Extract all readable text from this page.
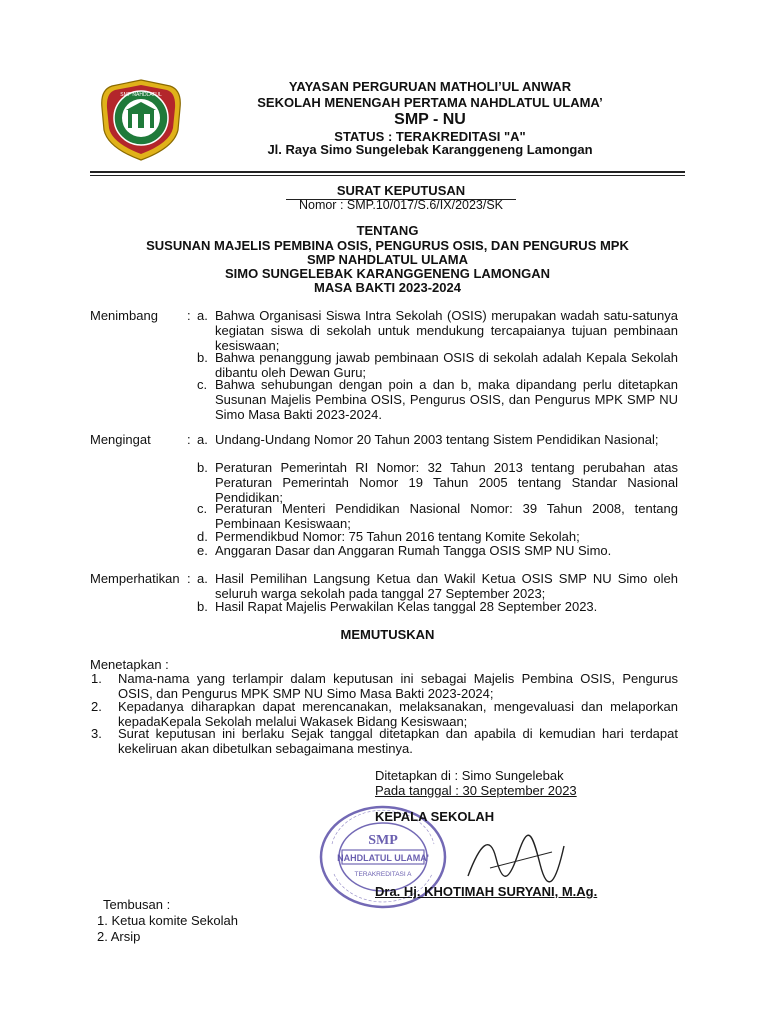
SMP NAHDLATUL
YAYASAN PERGURUAN MATHOLI’UL ANWAR
SEKOLAH MENENGAH PERTAMA NAHDLATUL ULAMA’
SMP - NU
STATUS : TERAKREDITASI "A"
Jl. Raya Simo Sungelebak Karanggeneng Lamongan
SURAT KEPUTUSAN
Nomor : SMP.10/017/S.6/IX/2023/SK
TENTANG
SUSUNAN MAJELIS PEMBINA OSIS, PENGURUS OSIS, DAN PENGURUS MPK
SMP NAHDLATUL ULAMA
SIMO SUNGELEBAK KARANGGENENG LAMONGAN
MASA BAKTI 2023-2024
Menimbang : a. Bahwa Organisasi Siswa Intra Sekolah (OSIS) merupakan wadah satu-satunya kegiatan siswa di sekolah untuk mendukung tercapaianya tujuan pembinaan kesiswaan;
b. Bahwa penanggung jawab pembinaan OSIS di sekolah adalah Kepala Sekolah dibantu oleh Dewan Guru;
c. Bahwa sehubungan dengan poin a dan b, maka dipandang perlu ditetapkan Susunan Majelis Pembina OSIS, Pengurus OSIS, dan Pengurus MPK SMP NU Simo Masa Bakti 2023-2024.
Mengingat	: a. Undang-Undang Nomor 20 Tahun 2003 tentang Sistem Pendidikan Nasional;
b. Peraturan Pemerintah RI Nomor: 32 Tahun 2013 tentang perubahan atas Peraturan Pemerintah Nomor 19 Tahun 2005 tentang Standar Nasional Pendidikan;
c. Peraturan Menteri Pendidikan Nasional Nomor: 39 Tahun 2008, tentang Pembinaan Kesiswaan;
d. Permendikbud Nomor: 75 Tahun 2016 tentang Komite Sekolah;
e. Anggaran Dasar dan Anggaran Rumah Tangga OSIS SMP NU Simo.
Memperhatikan : a. Hasil Pemilihan Langsung Ketua dan Wakil Ketua OSIS SMP NU Simo oleh seluruh warga sekolah pada tanggal 27 September 2023;
b. Hasil Rapat Majelis Perwakilan Kelas tanggal 28 September 2023.
MEMUTUSKAN
Menetapkan :
1. Nama-nama yang terlampir dalam keputusan ini sebagai Majelis Pembina OSIS, Pengurus OSIS, dan Pengurus MPK SMP NU Simo Masa Bakti 2023-2024;
2. Kepadanya diharapkan dapat merencanakan, melaksanakan, mengevaluasi dan melaporkan kepadaKepala Sekolah melalui Wakasek Bidang Kesiswaan;
3. Surat keputusan ini berlaku Sejak tanggal ditetapkan dan apabila di kemudian hari terdapat kekeliruan akan dibetulkan sebagaimana mestinya.
Ditetapkan di : Simo Sungelebak
Pada tanggal : 30 September 2023
SMP
NAHDLATUL ULAMA'
TERAKREDITASI A
KEPALA SEKOLAH
Dra. Hj. KHOTIMAH SURYANI, M.Ag.
Tembusan :
1. Ketua komite Sekolah
2. Arsip
